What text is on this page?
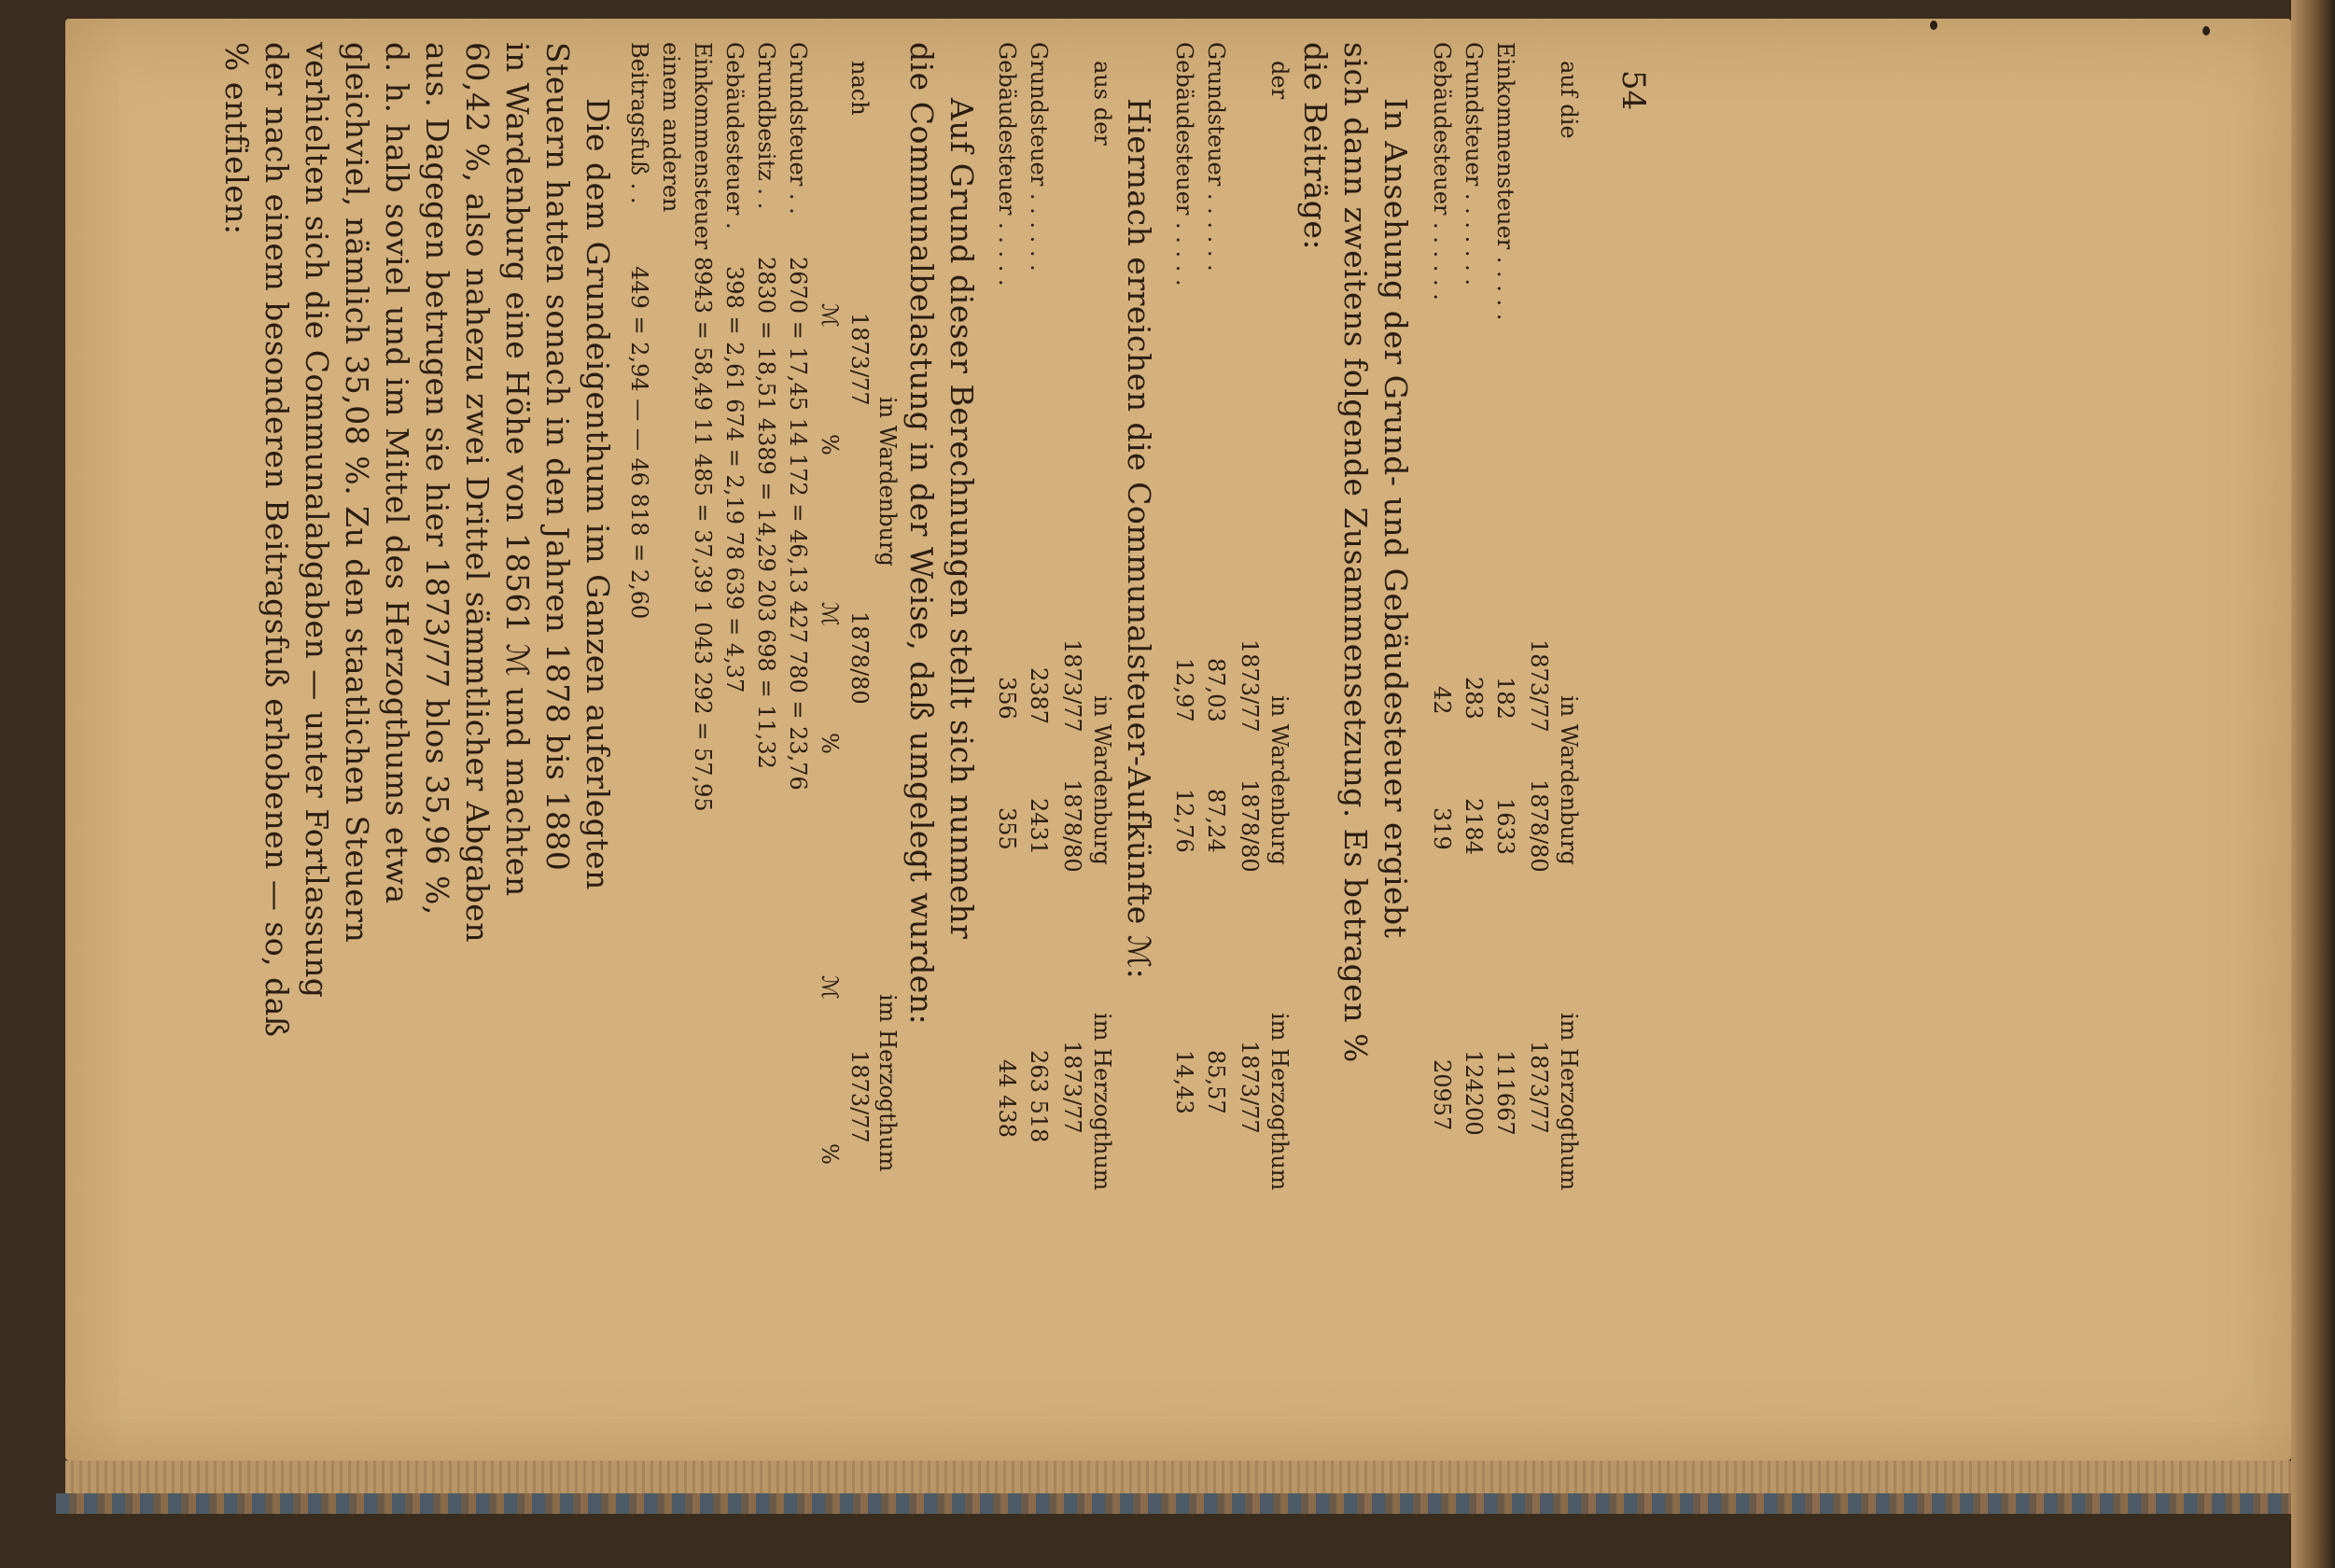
54
auf die
in Wardenburg
im Herzogthum
1873/77
1878/80
1873/77
Einkommensteuer . . . . .
182
1633
111667
Grundsteuer . . . . . . .
283
2184
124200
Gebäudesteuer . . . . . .
42
319
20957
In Ansehung der Grund- und Gebäudesteuer ergiebt
sich dann zweitens folgende Zusammensetzung. Es betragen %
die Beiträge:
der
in Wardenburg
im Herzogthum
1873/77
1878/80
1873/77
Grundsteuer . . . . . .
87,03
87,24
85,57
Gebäudesteuer . . . . .
12,97
12,76
14,43
Hiernach erreichen die Communalsteuer-Aufkünfte ℳ:
aus der
in Wardenburg
im Herzogthum
1873/77
1878/80
1873/77
Grundsteuer . . . . . .
2387
2431
263 518
Gebäudesteuer . . . . .
356
355
44 438
Auf Grund dieser Berechnungen stellt sich nunmehr
die Communalbelastung in der Weise, daß umgelegt wurden:
in Wardenburg
im Herzogthum
nach
1873/77
1878/80
1873/77
ℳ
%
ℳ
%
ℳ
%
Grundsteuer . .
2670 = 17,45 14 172 = 46,13 427 780 = 23,76
Grundbesitz . .
2830 = 18,51 4389 = 14,29 203 698 = 11,32
Gebäudesteuer .
398 = 2,61 674 = 2,19 78 639 = 4,37
Einkommensteuer
8943 = 58,49 11 485 = 37,39 1 043 292 = 57,95
einem anderen
Beitragsfuß . .
449 = 2,94 — — 46 818 = 2,60
Die dem Grundeigenthum im Ganzen auferlegten
Steuern hatten sonach in den Jahren 1878 bis 1880
in Wardenburg eine Höhe von 18561 ℳ und machten
60,42 %, also nahezu zwei Drittel sämmtlicher Abgaben
aus. Dagegen betrugen sie hier 1873/77 blos 35,96 %,
d. h. halb soviel und im Mittel des Herzogthums etwa
gleichviel, nämlich 35,08 %. Zu den staatlichen Steuern
verhielten sich die Communalabgaben — unter Fortlassung
der nach einem besonderen Beitragsfuß erhobenen — so, daß
% entfielen:
